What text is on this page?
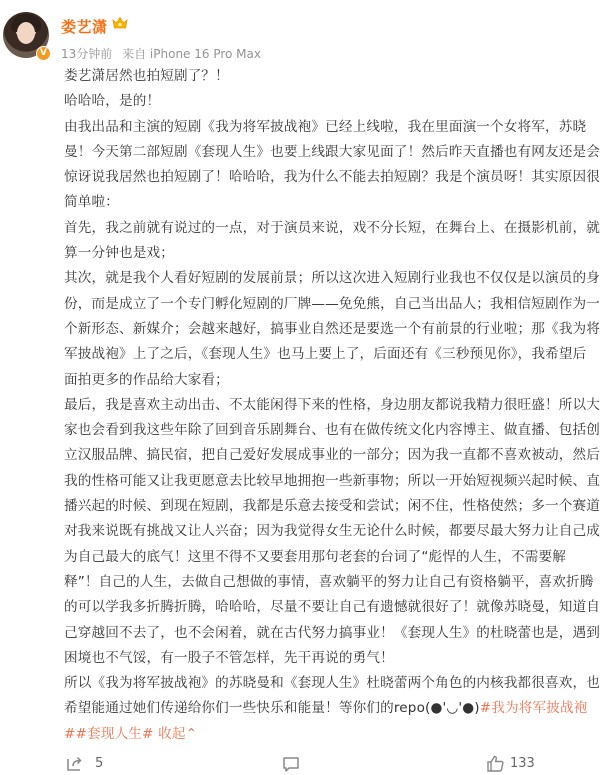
V
娄艺潇
13分钟前 来自 iPhone 16 Pro Max

娄艺潇居然也拍短剧了？！

哈哈哈，是的！

由我出品和主演的短剧《我为将军披战袍》已经上线啦，我在里面演一个女将军，苏晓曼！今天第二部短剧《套现人生》也要上线跟大家见面了！然后昨天直播也有网友还是会惊讶说我居然也拍短剧了！哈哈哈，我为什么不能去拍短剧？我是个演员呀！其实原因很简单啦：

首先，我之前就有说过的一点，对于演员来说，戏不分长短，在舞台上、在摄影机前，就算一分钟也是戏；

其次，就是我个人看好短剧的发展前景；所以这次进入短剧行业我也不仅仅是以演员的身份，而是成立了一个专门孵化短剧的厂牌——免免熊，自己当出品人；我相信短剧作为一个新形态、新媒介；会越来越好，搞事业自然还是要选一个有前景的行业啦；那《我为将军披战袍》上了之后，《套现人生》也马上要上了，后面还有《三秒预见你》，我希望后面拍更多的作品给大家看；

最后，我是喜欢主动出击、不太能闲得下来的性格，身边朋友都说我精力很旺盛！所以大家也会看到我这些年除了回到音乐剧舞台、也有在做传统文化内容博主、做直播、包括创立汉服品牌、搞民宿，把自己爱好发展成事业的一部分；因为我一直都不喜欢被动，然后我的性格可能又让我更愿意去比较早地拥抱一些新事物；所以一开始短视频兴起时候、直播兴起的时候、到现在短剧，我都是乐意去接受和尝试；闲不住，性格使然；多一个赛道对我来说既有挑战又让人兴奋；因为我觉得女生无论什么时候，都要尽最大努力让自己成为自己最大的底气！这里不得不又要套用那句老套的台词了“彪悍的人生，不需要解释”！自己的人生，去做自己想做的事情，喜欢躺平的努力让自己有资格躺平，喜欢折腾的可以学我多折腾折腾，哈哈哈，尽量不要让自己有遗憾就很好了！就像苏晓曼，知道自己穿越回不去了，也不会闲着，就在古代努力搞事业！《套现人生》的杜晓蕾也是，遇到困境也不气馁，有一股子不管怎样，先干再说的勇气！

所以《我为将军披战袍》的苏晓曼和《套现人生》杜晓蕾两个角色的内核我都很喜欢，也希望能通过她们传递给你们一些快乐和能量！等你们的repo(●'◡'●)#我为将军披战袍 ##套现人生# 收起⌃

5	133
